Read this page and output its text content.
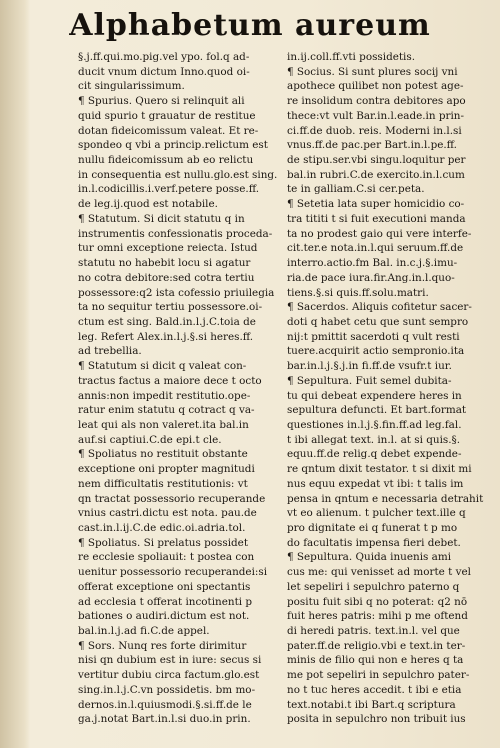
Alphabetum aureum
§.j.ff.qui.mo.pig.vel ypo. fol.q ad-
ducit vnum dictum Inno.quod oi-
cit singularissimum.
¶ Spurius. Quero si relinquit ali
quid spurio t grauatur de restitue
dotan fideicomissum valeat. Et re-
spondeo q vbi a princip.relictum est
nullu fideicomissum ab eo relictu
in consequentia est nullu.glo.est sing.
in.l.codicillis.i.verf.petere posse.ff.
de leg.ij.quod est notabile.
¶ Statutum. Si dicit statutu q in
instrumentis confessionatis proceda-
tur omni exceptione reiecta. Istud
statutu no habebit locu si agatur
no cotra debitore:sed cotra tertiu
possessore:q2 ista cofessio priuilegia
ta no sequitur tertiu possessore.oi-
ctum est sing. Bald.in.l.j.C.toia de
leg. Refert Alex.in.l.j.§.si heres.ff.
ad trebellia.
¶ Statutum si dicit q valeat con-
tractus factus a maiore dece t octo
annis:non impedit restitutio.ope-
ratur enim statutu q cotract q va-
leat qui als non valeret.ita bal.in
auf.si captiui.C.de epi.t cle.
¶ Spoliatus no restituit obstante
exceptione oni propter magnitudi
nem difficultatis restitutionis: vt
qn tractat possessorio recuperande
vnius castri.dictu est nota. pau.de
cast.in.l.ij.C.de edic.oi.adria.tol.
¶ Spoliatus. Si prelatus possidet
re ecclesie spoliauit: t postea con
uenitur possessorio recuperandei:si
offerat exceptione oni spectantis
ad ecclesia t offerat incotinenti p
bationes o audiri.dictum est not.
bal.in.l.j.ad fi.C.de appel.
¶ Sors. Nunq res forte dirimitur
nisi qn dubium est in iure: secus si
vertitur dubiu circa factum.glo.est
sing.in.l.j.C.vn possidetis. bm mo-
dernos.in.l.quiusmodi.§.si.ff.de le
ga.j.notat Bart.in.l.si duo.in prin.
in.ij.coll.ff.vti possidetis.
¶ Socius. Si sunt plures socij vni
apothece quilibet non potest age-
re insolidum contra debitores apo
thece:vt vult Bar.in.l.eade.in prin-
ci.ff.de duob. reis. Moderni in.l.si
vnus.ff.de pac.per Bart.in.l.pe.ff.
de stipu.ser.vbi singu.loquitur per
bal.in rubri.C.de exercito.in.l.cum
te in galliam.C.si cer.peta.
¶ Setetia lata super homicidio co-
tra tititi t si fuit executioni manda
ta no prodest gaio qui vere interfe-
cit.ter.e nota.in.l.qui seruum.ff.de
interro.actio.fm Bal. in.c.j.§.imu-
ria.de pace iura.fir.Ang.in.l.quo-
tiens.§.si quis.ff.solu.matri.
¶ Sacerdos. Aliquis cofitetur sacer-
doti q habet cetu que sunt sempro
nij:t pmittit sacerdoti q vult resti
tuere.acquirit actio sempronio.ita
bar.in.l.j.§.j.in fi.ff.de vsufr.t iur.
¶ Sepultura. Fuit semel dubita-
tu qui debeat expendere heres in
sepultura defuncti. Et bart.format
questiones in.l.j.§.fin.ff.ad leg.fal.
t ibi allegat text. in.l. at si quis.§.
equu.ff.de relig.q debet expende-
re qntum dixit testator. t si dixit mi
nus equu expedat vt ibi: t talis im
pensa in qntum e necessaria detrahit
vt eo alienum. t pulcher text.ille q
pro dignitate ei q funerat t p mo
do facultatis impensa fieri debet.
¶ Sepultura. Quida inuenis ami
cus me: qui venisset ad morte t vel
let sepeliri i sepulchro paterno q
positu fuit sibi q no poterat: q2 nō
fuit heres patris: mihi p me oftend
di heredi patris. text.in.l. vel que
pater.ff.de religio.vbi e text.in ter-
minis de filio qui non e heres q ta
me pot sepeliri in sepulchro pater-
no t tuc heres accedit. t ibi e etia
text.notabi.t ibi Bart.q scriptura
posita in sepulchro non tribuit ius
